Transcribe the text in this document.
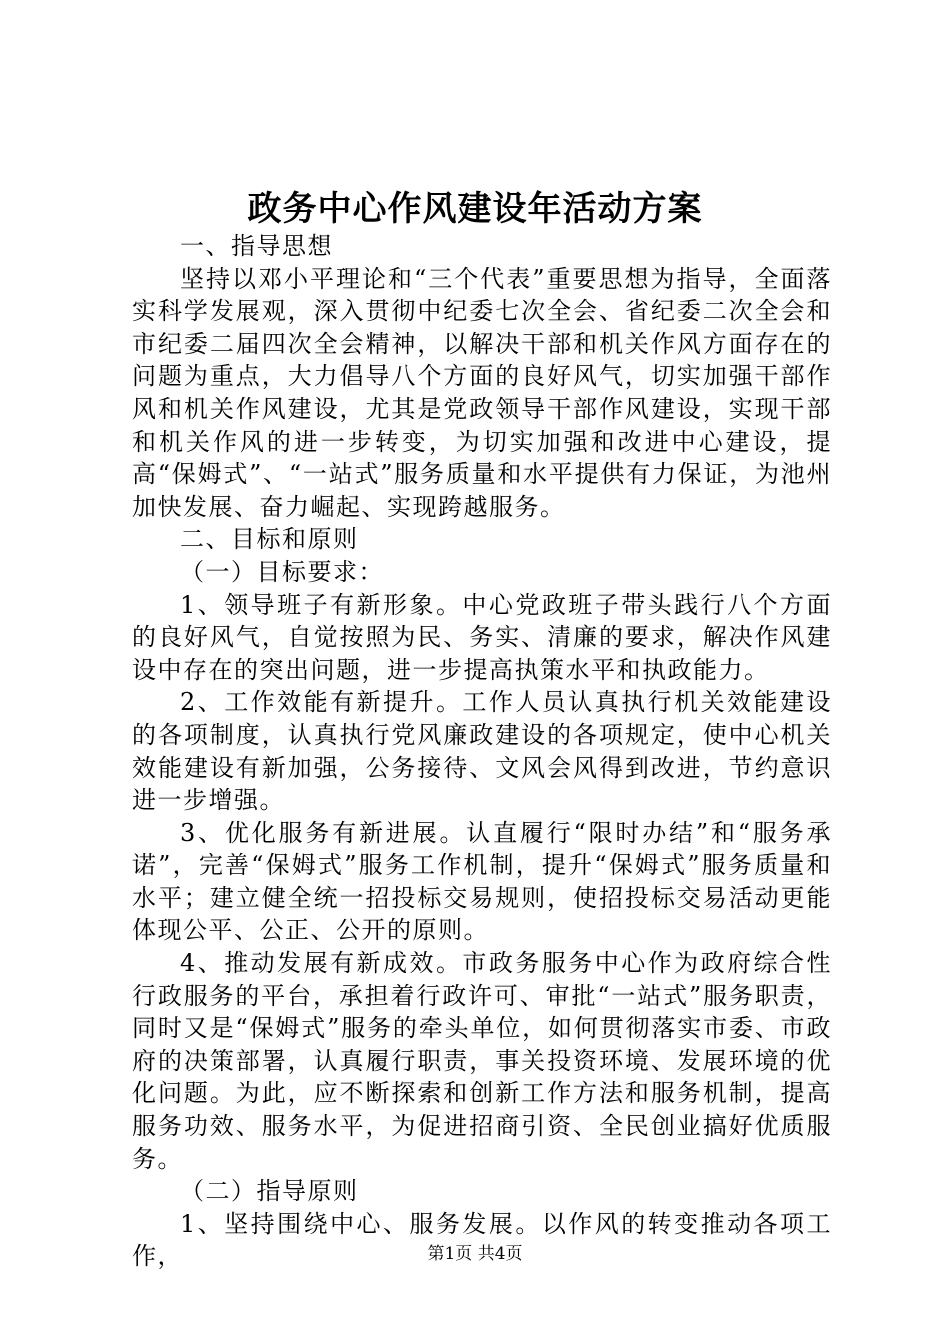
政务中心作风建设年活动方案

一、指导思想

坚持以邓小平理论和“三个代表”重要思想为指导，全面落实科学发展观，深入贯彻中纪委七次全会、省纪委二次全会和市纪委二届四次全会精神，以解决干部和机关作风方面存在的问题为重点，大力倡导八个方面的良好风气，切实加强干部作风和机关作风建设，尤其是党政领导干部作风建设，实现干部和机关作风的进一步转变，为切实加强和改进中心建设，提高“保姆式”、“一站式”服务质量和水平提供有力保证，为池州加快发展、奋力崛起、实现跨越服务。

二、目标和原则

（一）目标要求：

1、领导班子有新形象。中心党政班子带头践行八个方面的良好风气，自觉按照为民、务实、清廉的要求，解决作风建设中存在的突出问题，进一步提高执策水平和执政能力。

2、工作效能有新提升。工作人员认真执行机关效能建设的各项制度，认真执行党风廉政建设的各项规定，使中心机关效能建设有新加强，公务接待、文风会风得到改进，节约意识进一步增强。

3、优化服务有新进展。认直履行“限时办结”和“服务承诺”，完善“保姆式”服务工作机制，提升“保姆式”服务质量和水平；建立健全统一招投标交易规则，使招投标交易活动更能体现公平、公正、公开的原则。

4、推动发展有新成效。市政务服务中心作为政府综合性行政服务的平台，承担着行政许可、审批“一站式”服务职责，同时又是“保姆式”服务的牵头单位，如何贯彻落实市委、市政府的决策部署，认真履行职责，事关投资环境、发展环境的优化问题。为此，应不断探索和创新工作方法和服务机制，提高服务功效、服务水平，为促进招商引资、全民创业搞好优质服务。

（二）指导原则

1、坚持围绕中心、服务发展。以作风的转变推动各项工作，	第1页 共4页
